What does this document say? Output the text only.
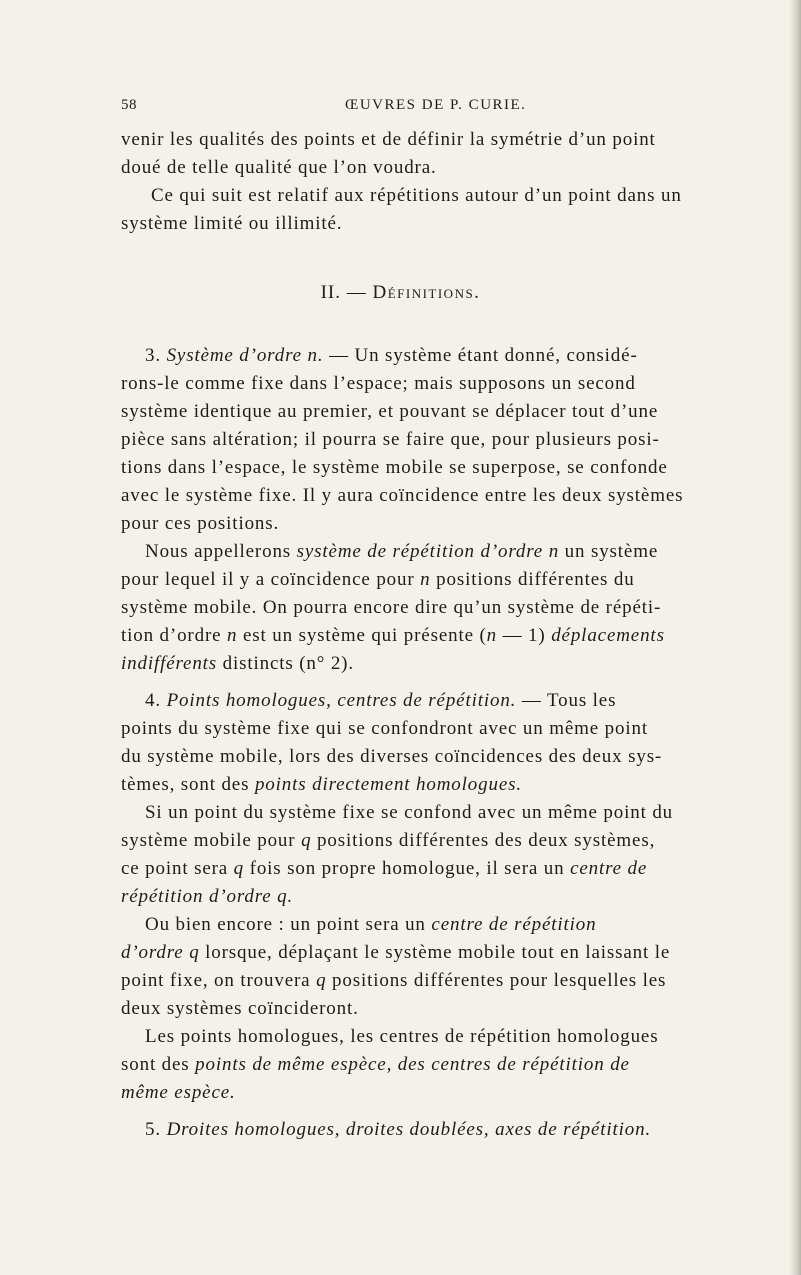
58	ŒUVRES DE P. CURIE.
venir les qualités des points et de définir la symétrie d’un point
doué de telle qualité que l’on voudra.
Ce qui suit est relatif aux répétitions autour d’un point dans un
système limité ou illimité.
II. — Définitions.
3. Système d’ordre n. — Un système étant donné, considé-
rons-le comme fixe dans l’espace; mais supposons un second
système identique au premier, et pouvant se déplacer tout d’une
pièce sans altération; il pourra se faire que, pour plusieurs posi-
tions dans l’espace, le système mobile se superpose, se confonde
avec le système fixe. Il y aura coïncidence entre les deux systèmes
pour ces positions.
Nous appellerons système de répétition d’ordre n un système
pour lequel il y a coïncidence pour n positions différentes du
système mobile. On pourra encore dire qu’un système de répéti-
tion d’ordre n est un système qui présente (n — 1) déplacements
indifférents distincts (n° 2).
4. Points homologues, centres de répétition. — Tous les
points du système fixe qui se confondront avec un même point
du système mobile, lors des diverses coïncidences des deux sys-
tèmes, sont des points directement homologues.
Si un point du système fixe se confond avec un même point du
système mobile pour q positions différentes des deux systèmes,
ce point sera q fois son propre homologue, il sera un centre de
répétition d’ordre q.
Ou bien encore : un point sera un centre de répétition
d’ordre q lorsque, déplaçant le système mobile tout en laissant le
point fixe, on trouvera q positions différentes pour lesquelles les
deux systèmes coïncideront.
Les points homologues, les centres de répétition homologues
sont des points de même espèce, des centres de répétition de
même espèce.
5. Droites homologues, droites doublées, axes de répétition.
